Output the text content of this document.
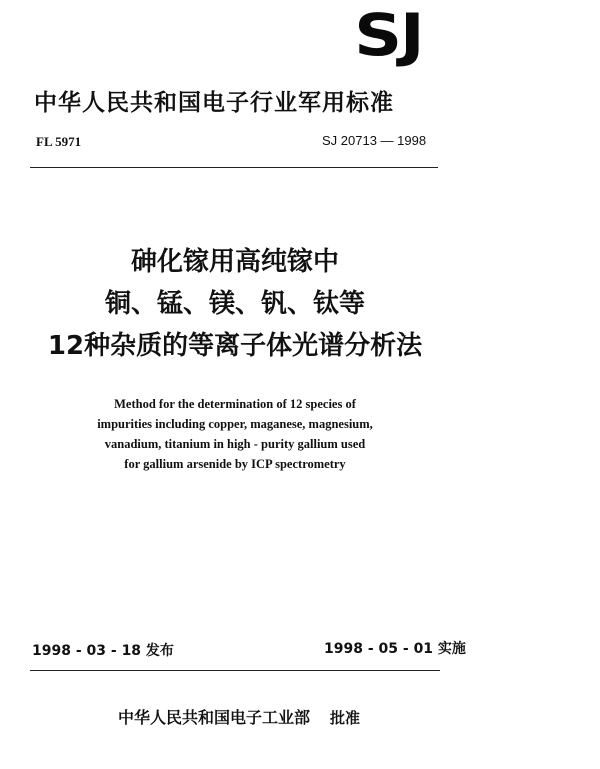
SJ
中华人民共和国电子行业军用标准
FL 5971	SJ 20713 — 1998
砷化镓用高纯镓中
铜、锰、镁、钒、钛等
12种杂质的等离子体光谱分析法
Method for the determination of 12 species of
impurities including copper, maganese, magnesium,
vanadium, titanium in high - purity gallium used
for gallium arsenide by ICP spectrometry
1998 - 03 - 18 发布	1998 - 05 - 01 实施
中华人民共和国电子工业部 批准
